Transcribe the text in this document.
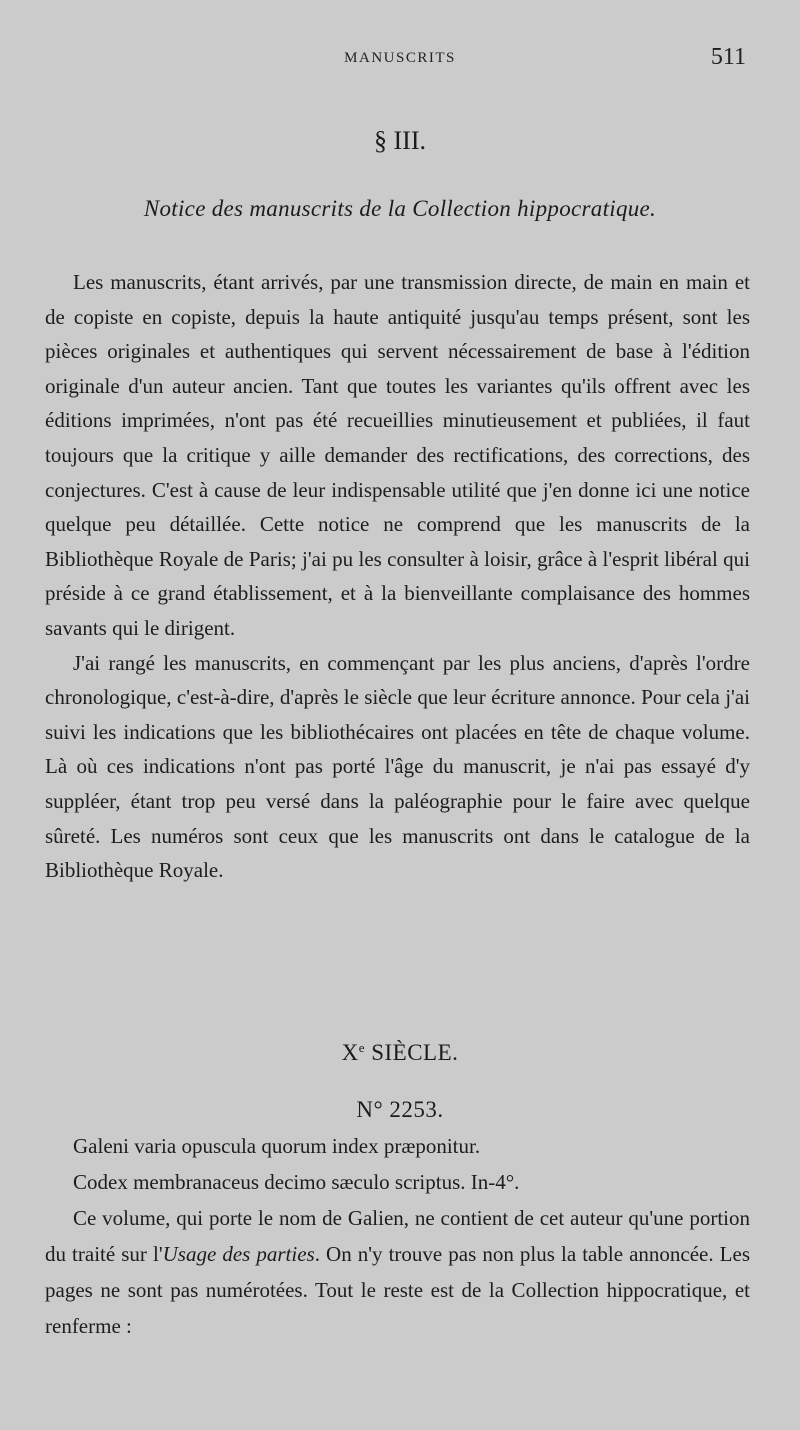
MANUSCRITS	511
§ III.
Notice des manuscrits de la Collection hippocratique.

Les manuscrits, étant arrivés, par une transmission directe, de main en main et de copiste en copiste, depuis la haute antiquité jusqu'au temps présent, sont les pièces originales et authentiques qui servent nécessairement de base à l'édition originale d'un auteur ancien. Tant que toutes les variantes qu'ils offrent avec les éditions imprimées, n'ont pas été recueillies minutieusement et publiées, il faut toujours que la critique y aille demander des rectifications, des corrections, des conjectures. C'est à cause de leur indispensable utilité que j'en donne ici une notice quelque peu détaillée. Cette notice ne comprend que les manuscrits de la Bibliothèque Royale de Paris; j'ai pu les consulter à loisir, grâce à l'esprit libéral qui préside à ce grand établissement, et à la bienveillante complaisance des hommes savants qui le dirigent.

J'ai rangé les manuscrits, en commençant par les plus anciens, d'après l'ordre chronologique, c'est-à-dire, d'après le siècle que leur écriture annonce. Pour cela j'ai suivi les indications que les bibliothécaires ont placées en tête de chaque volume. Là où ces indications n'ont pas porté l'âge du manuscrit, je n'ai pas essayé d'y suppléer, étant trop peu versé dans la paléographie pour le faire avec quelque sûreté. Les numéros sont ceux que les manuscrits ont dans le catalogue de la Bibliothèque Royale.

Xe SIÈCLE.
N° 2253.

Galeni varia opuscula quorum index præponitur.

Codex membranaceus decimo sæculo scriptus. In-4°.

Ce volume, qui porte le nom de Galien, ne contient de cet auteur qu'une portion du traité sur l'Usage des parties. On n'y trouve pas non plus la table annoncée. Les pages ne sont pas numérotées. Tout le reste est de la Collection hippocratique, et renferme :
